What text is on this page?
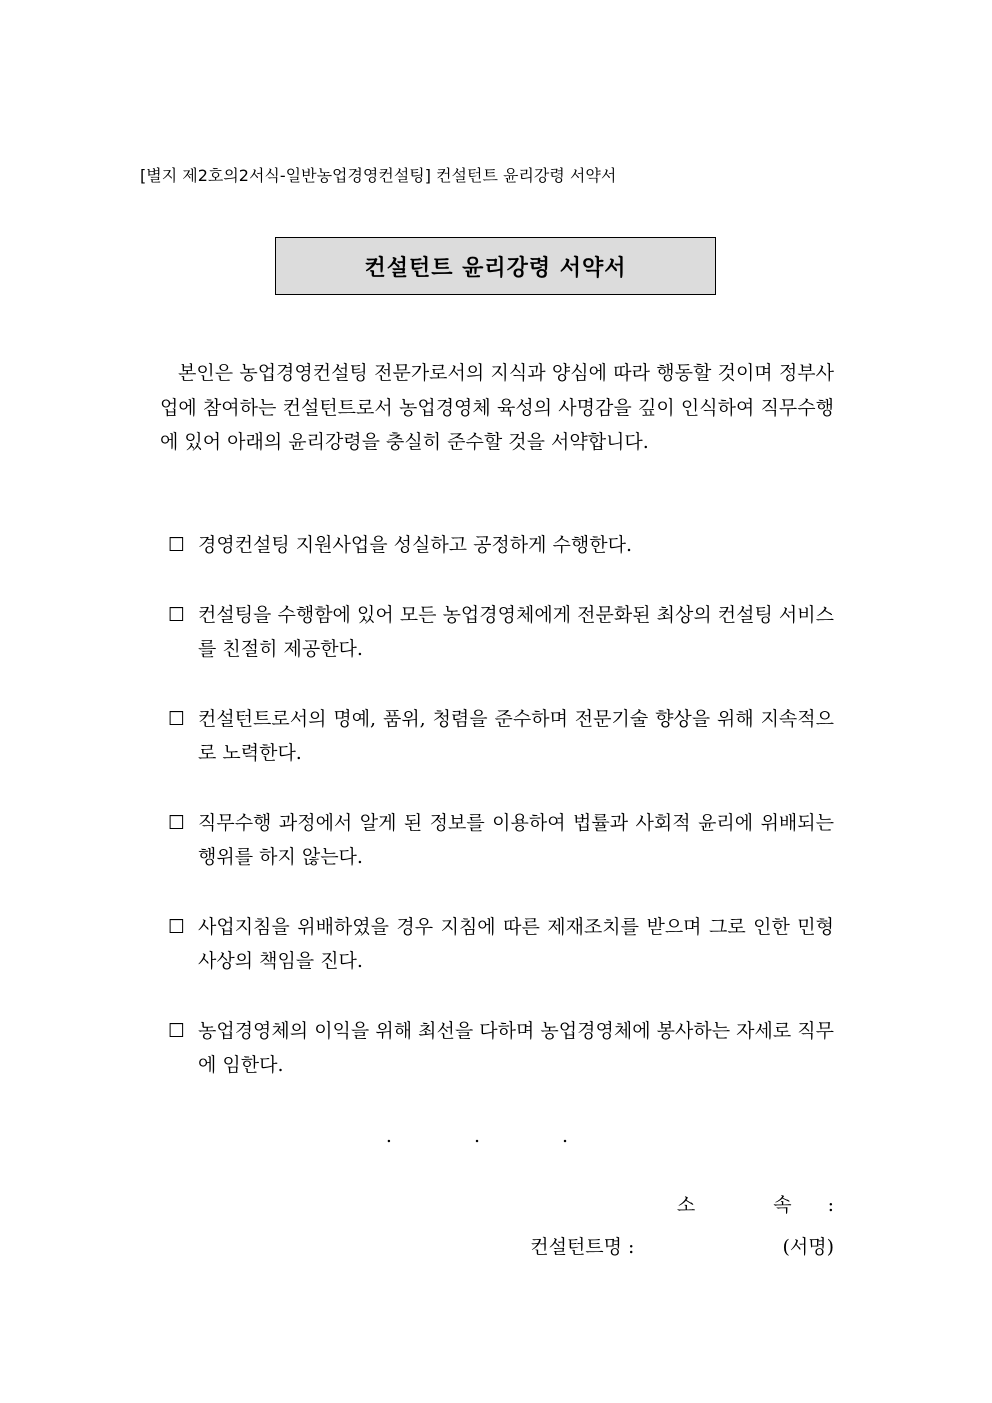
[별지 제2호의2서식-일반농업경영컨설팅] 컨설턴트 윤리강령 서약서
컨설턴트 윤리강령 서약서

본인은 농업경영컨설팅 전문가로서의 지식과 양심에 따라 행동할 것이며 정부사업에 참여하는 컨설턴트로서 농업경영체 육성의 사명감을 깊이 인식하여 직무수행에 있어 아래의 윤리강령을 충실히 준수할 것을 서약합니다.

☐ 경영컨설팅 지원사업을 성실하고 공정하게 수행한다.
☐ 컨설팅을 수행함에 있어 모든 농업경영체에게 전문화된 최상의 컨설팅 서비스를 친절히 제공한다.
☐ 컨설턴트로서의 명예, 품위, 청렴을 준수하며 전문기술 향상을 위해 지속적으로 노력한다.
☐ 직무수행 과정에서 알게 된 정보를 이용하여 법률과 사회적 윤리에 위배되는 행위를 하지 않는다.
☐ 사업지침을 위배하였을 경우 지침에 따른 제재조치를 받으며 그로 인한 민형사상의 책임을 진다.
☐ 농업경영체의 이익을 위해 최선을 다하며 농업경영체에 봉사하는 자세로 직무에 임한다.
. . .
소 속:
컨설턴트명 :	(서명)
